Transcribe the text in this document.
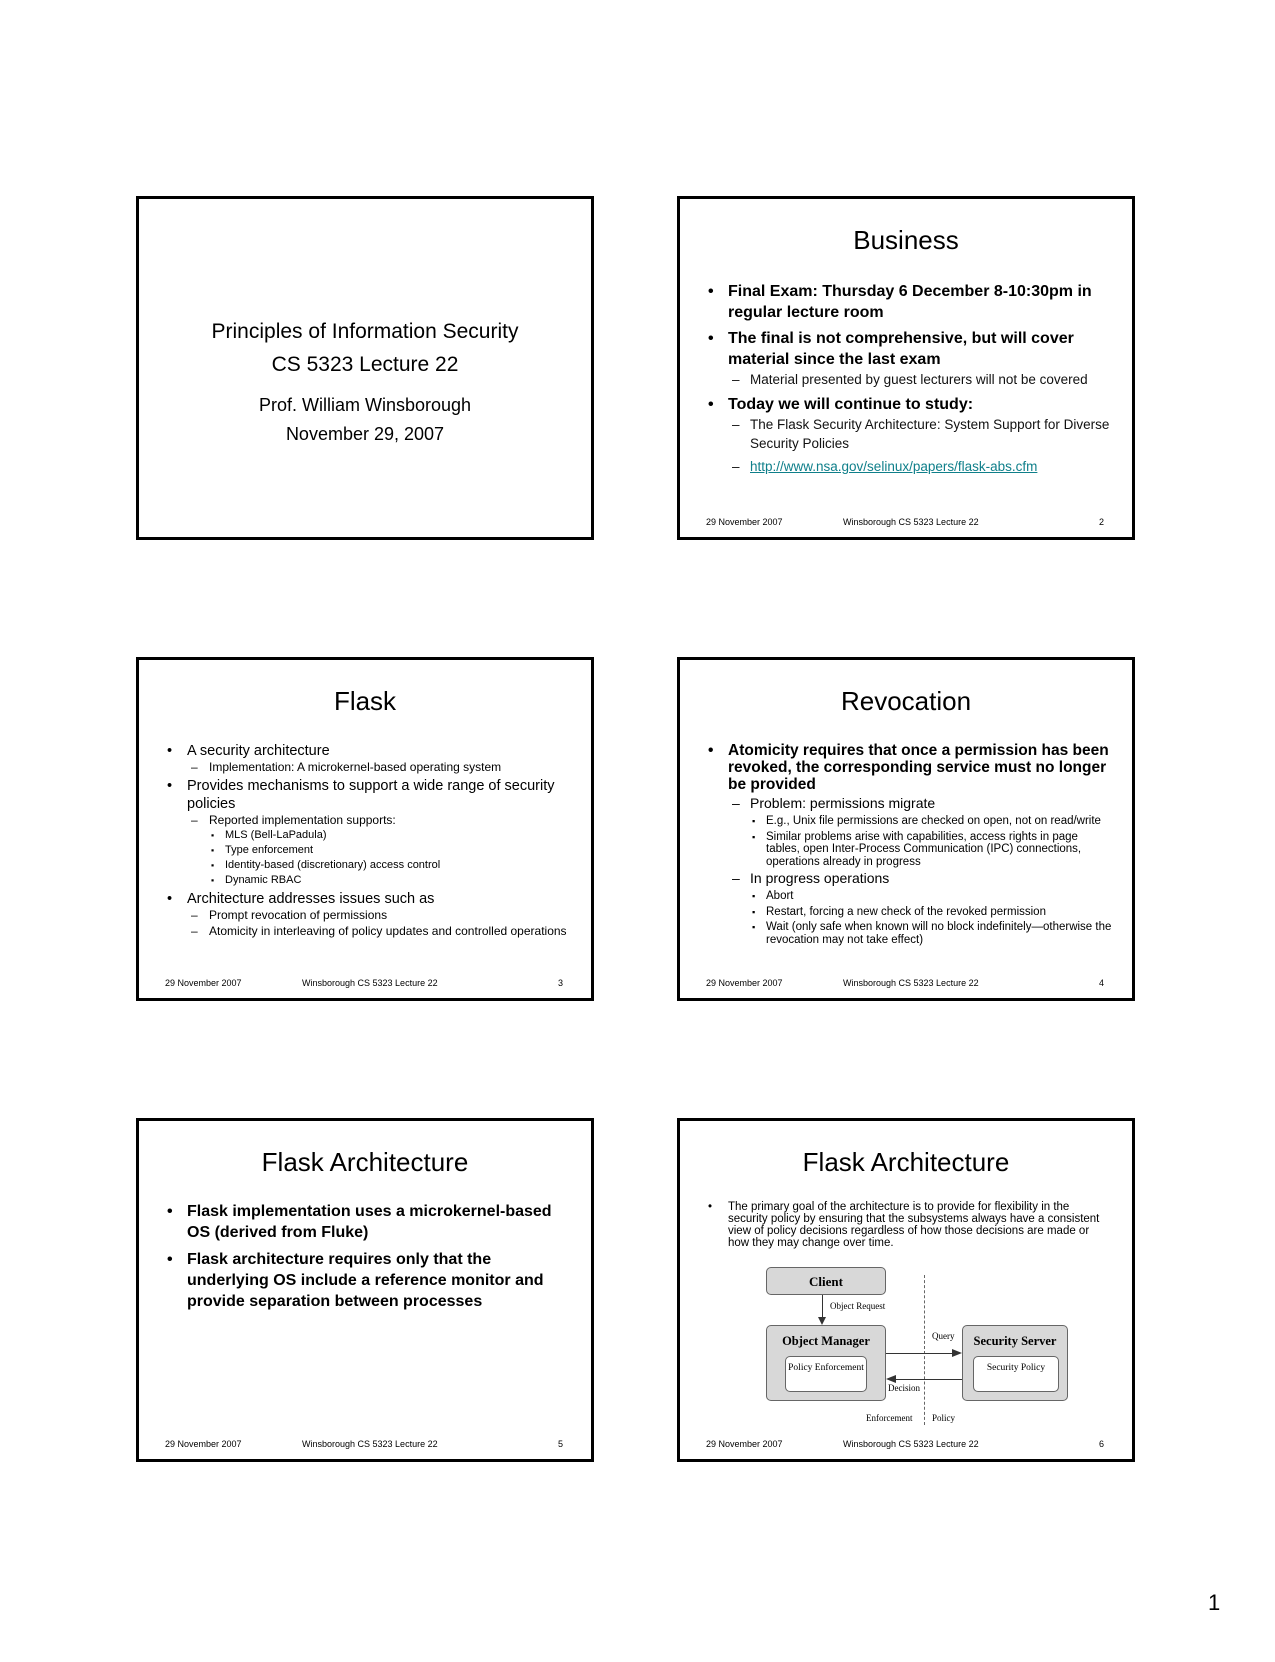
Principles of Information Security
CS 5323 Lecture 22
Prof. William Winsborough
November 29, 2007
Business
• Final Exam: Thursday 6 December 8-10:30pm in regular lecture room
• The final is not comprehensive, but will cover material since the last exam
– Material presented by guest lecturers will not be covered
• Today we will continue to study:
– The Flask Security Architecture: System Support for Diverse Security Policies
– http://www.nsa.gov/selinux/papers/flask-abs.cfm
29 November 2007	Winsborough CS 5323 Lecture 22	2
Flask
• A security architecture
– Implementation: A microkernel-based operating system
• Provides mechanisms to support a wide range of security policies
– Reported implementation supports:
▪ MLS (Bell-LaPadula)
▪ Type enforcement
▪ Identity-based (discretionary) access control
▪ Dynamic RBAC
• Architecture addresses issues such as
– Prompt revocation of permissions
– Atomicity in interleaving of policy updates and controlled operations
29 November 2007	Winsborough CS 5323 Lecture 22	3
Revocation
• Atomicity requires that once a permission has been revoked, the corresponding service must no longer be provided
– Problem: permissions migrate
▪ E.g., Unix file permissions are checked on open, not on read/write
▪ Similar problems arise with capabilities, access rights in page tables, open Inter-Process Communication (IPC) connections, operations already in progress
– In progress operations
▪ Abort
▪ Restart, forcing a new check of the revoked permission
▪ Wait (only safe when known will no block indefinitely—otherwise the revocation may not take effect)
29 November 2007	Winsborough CS 5323 Lecture 22	4
Flask Architecture
• Flask implementation uses a microkernel-based OS (derived from Fluke)
• Flask architecture requires only that the underlying OS include a reference monitor and provide separation between processes
29 November 2007	Winsborough CS 5323 Lecture 22	5
Flask Architecture
• The primary goal of the architecture is to provide for flexibility in the security policy by ensuring that the subsystems always have a consistent view of policy decisions regardless of how those decisions are made or how they may change over time.
Client
Object Request
Object Manager
Policy Enforcement
Security Server
Security Policy
Query
Decision
Enforcement Policy
29 November 2007	Winsborough CS 5323 Lecture 22	6
1
